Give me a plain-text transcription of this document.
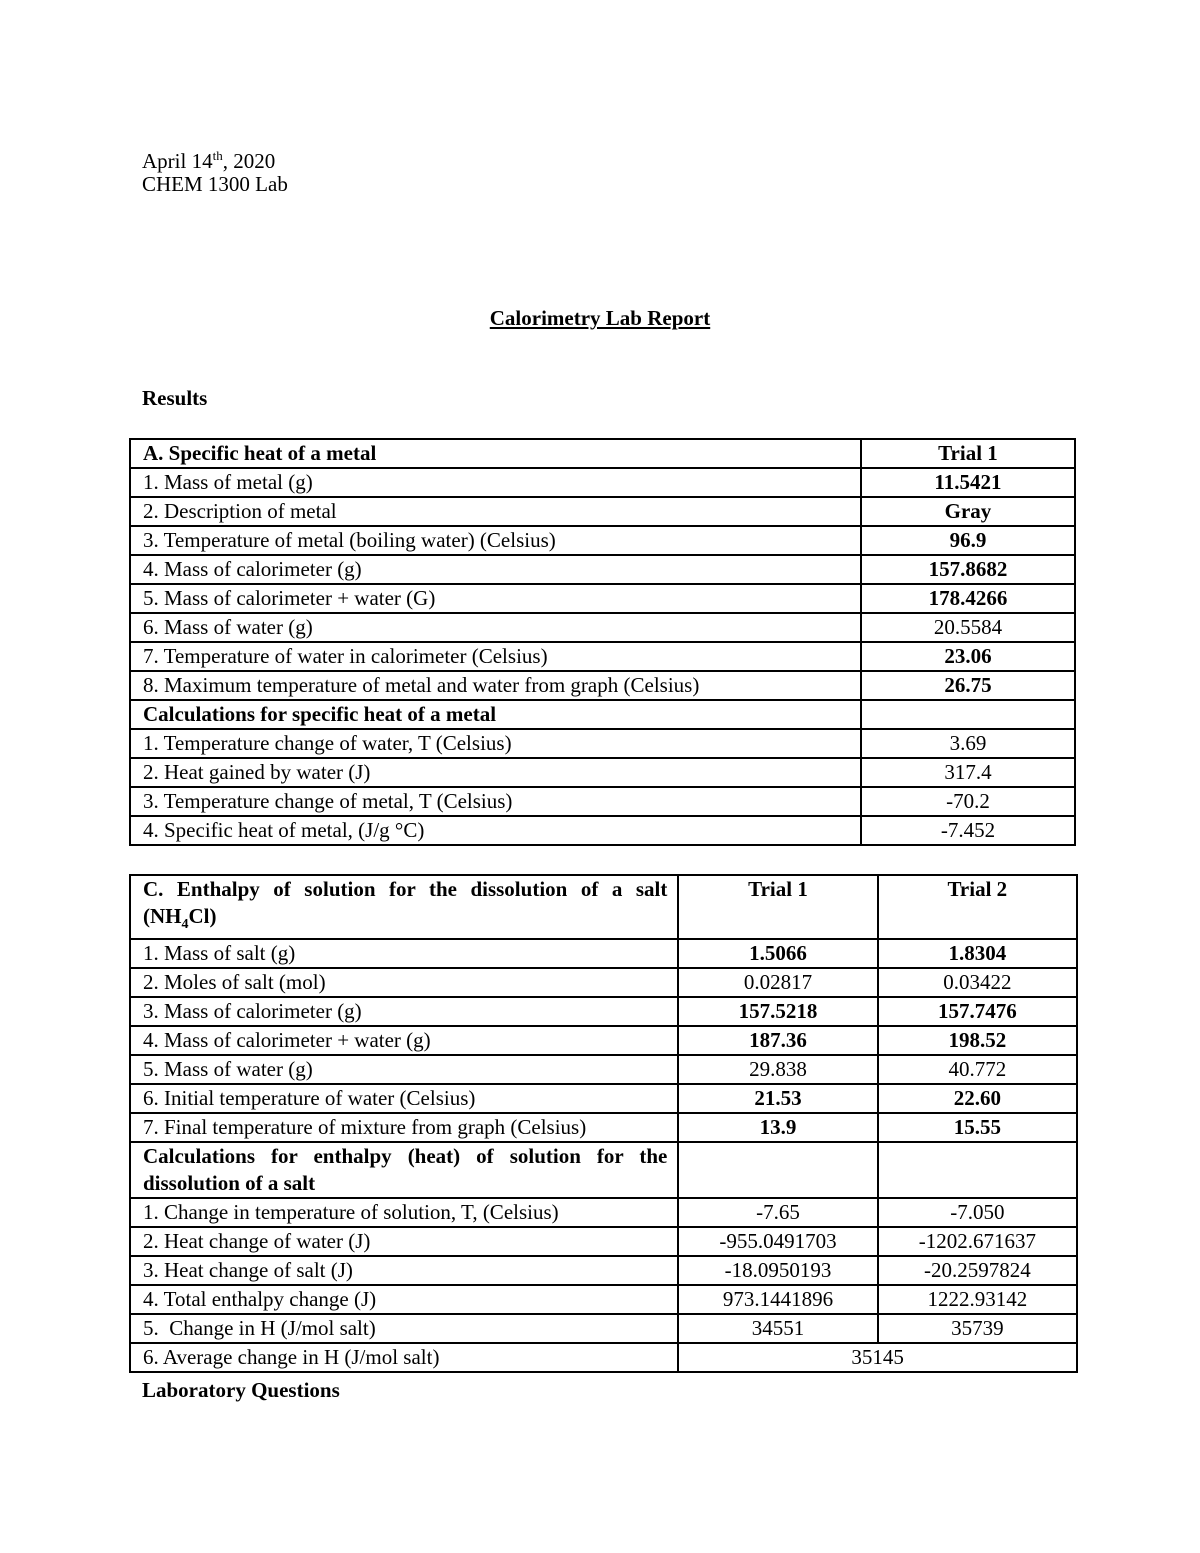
April 14th, 2020
CHEM 1300 Lab
Calorimetry Lab Report
Results
A. Specific heat of a metal	Trial 1
1. Mass of metal (g)	11.5421
2. Description of metal	Gray
3. Temperature of metal (boiling water) (Celsius)	96.9
4. Mass of calorimeter (g)	157.8682
5. Mass of calorimeter + water (G)	178.4266
6. Mass of water (g)	20.5584
7. Temperature of water in calorimeter (Celsius)	23.06
8. Maximum temperature of metal and water from graph (Celsius)	26.75
Calculations for specific heat of a metal	
1. Temperature change of water, T (Celsius)	3.69
2. Heat gained by water (J)	317.4
3. Temperature change of metal, T (Celsius)	-70.2
4. Specific heat of metal, (J/g °C)	-7.452
C. Enthalpy of solution for the dissolution of a salt
$(NH_4Cl)$	Trial 1	Trial 2
1. Mass of salt (g)	1.5066	1.8304
2. Moles of salt (mol)	0.02817	0.03422
3. Mass of calorimeter (g)	157.5218	157.7476
4. Mass of calorimeter + water (g)	187.36	198.52
5. Mass of water (g)	29.838	40.772
6. Initial temperature of water (Celsius)	21.53	22.60
7. Final temperature of mixture from graph (Celsius)	13.9	15.55

Calculations for enthalpy (heat) of solution for the
dissolution of a salt		

1. Change in temperature of solution, T, (Celsius)	-7.65	-7.050
2. Heat change of water (J)	-955.0491703	-1202.671637
3. Heat change of salt (J)	-18.0950193	-20.2597824
4. Total enthalpy change (J)	973.1441896	1222.93142
5.  Change in H (J/mol salt)	34551	35739
6. Average change in H (J/mol salt)	35145	
Laboratory Questions
